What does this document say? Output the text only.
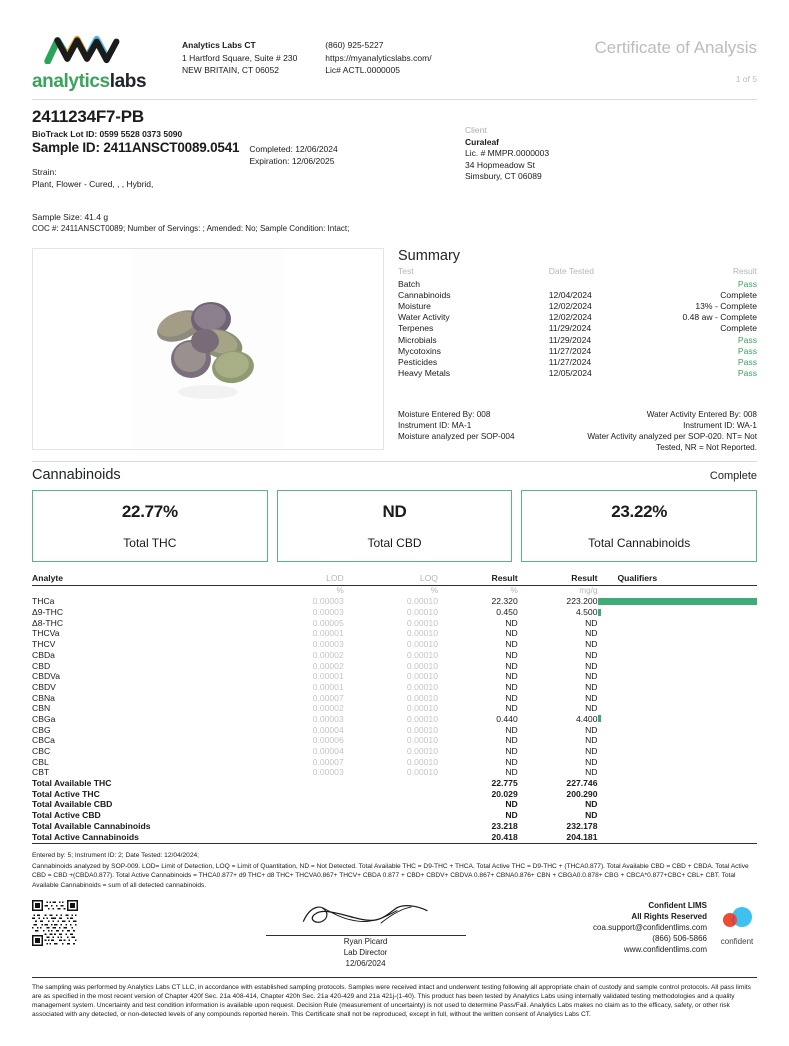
analyticslabs
Analytics Labs CT
1 Hartford Square, Suite # 230
NEW BRITAIN, CT 06052
(860) 925-5227
https://myanalyticslabs.com/
Lic# ACTL.0000005
Certificate of Analysis
1 of 5
2411234F7-PB
BioTrack Lot ID: 0599 5528 0373 5090
Sample ID: 2411ANSCT0089.0541 Completed: 12/06/2024
Expiration: 12/06/2025
Strain:
Plant, Flower - Cured, , , Hybrid,
Sample Size: 41.4 g
COC #: 2411ANSCT0089; Number of Servings: ; Amended: No; Sample Condition: Intact;
Client
Curaleaf
Lic. # MMPR.0000003
34 Hopmeadow St
Simsbury, CT 06089
Summary
Test	Date Tested	Result
Batch		Pass
Cannabinoids	12/04/2024	Complete
Moisture	12/02/2024	13% - Complete
Water Activity	12/02/2024	0.48 aw - Complete
Terpenes	11/29/2024	Complete
Microbials	11/29/2024	Pass
Mycotoxins	11/27/2024	Pass
Pesticides	11/27/2024	Pass
Heavy Metals	12/05/2024	Pass
Moisture Entered By: 008
Instrument ID: MA-1
Moisture analyzed per SOP-004
Water Activity Entered By: 008
Instrument ID: WA-1
Water Activity analyzed per SOP-020. NT= Not Tested, NR = Not Reported.
Cannabinoids	Complete
22.77%
Total THC
ND
Total CBD
23.22%
Total Cannabinoids
Analyte	LOD	LOQ	Result	Result	Qualifiers
	%	%	%	mg/g	
THCa	0.00003	0.00010	22.320	223.200	

Δ9-THC	0.00003	0.00010	0.450	4.500	

Δ8-THC	0.00005	0.00010	ND	ND	
THCVa	0.00001	0.00010	ND	ND	
THCV	0.00003	0.00010	ND	ND	
CBDa	0.00002	0.00010	ND	ND	
CBD	0.00002	0.00010	ND	ND	
CBDVa	0.00001	0.00010	ND	ND	
CBDV	0.00001	0.00010	ND	ND	
CBNa	0.00007	0.00010	ND	ND	
CBN	0.00002	0.00010	ND	ND	
CBGa	0.00003	0.00010	0.440	4.400	

CBG	0.00004	0.00010	ND	ND	
CBCa	0.00006	0.00010	ND	ND	
CBC	0.00004	0.00010	ND	ND	
CBL	0.00007	0.00010	ND	ND	
CBT	0.00003	0.00010	ND	ND	
Total Available THC			22.775	227.746	
Total Active THC			20.029	200.290	
Total Available CBD			ND	ND	
Total Active CBD			ND	ND	
Total Available Cannabinoids			23.218	232.178	
Total Active Cannabinoids			20.418	204.181	
Entered by: 5; Instrument ID: 2; Date Tested: 12/04/2024;
Cannabinoids analyzed by SOP-009. LOD= Limit of Detection, LOQ = Limit of Quantitation, ND = Not Detected. Total Available THC = D9-THC + THCA. Total Active THC = D9-THC + (THCA0.877). Total Available CBD = CBD + CBDA. Total Active CBD = CBD +(CBDA0.877). Total Active Cannabinoids = THCA0.877+ d9 THC+ d8 THC+ THCVA0.867+ THCV+ CBDA 0.877 + CBD+ CBDV+ CBDVA 0.867+ CBNA0.876+ CBN + CBGA0.0.878+ CBG + CBCA*0.877+CBC+ CBL+ CBT. Total Available Cannabinoids = sum of all detected cannabinoids.
Ryan Picard
Lab Director
12/06/2024
Confident LIMS
All Rights Reserved
coa.support@confidentlims.com
(866) 506-5866
www.confidentlims.com
confident
The sampling was performed by Analytics Labs CT LLC, in accordance with established sampling protocols. Samples were received intact and underwent testing following all appropriate chain of custody and sample control protocols. All pass limits are as specified in the most recent version of Chapter 420f Sec. 21a 408-414, Chapter 420h Sec. 21a 420-429 and 21a 421j-(1-40). This product has been tested by Analytics Labs using internally validated testing methodologies and a quality management system. Uncertainty and test condition information is available upon request. Decision Rule (measurement of uncertainty) is not used to determine Pass/Fail. Analytics Labs makes no claim as to the efficacy, safety, or other risk associated with any detected, or non-detected levels of any compounds reported herein. This Certificate shall not be reproduced, except in full, without the written consent of Analytics Labs CT.
